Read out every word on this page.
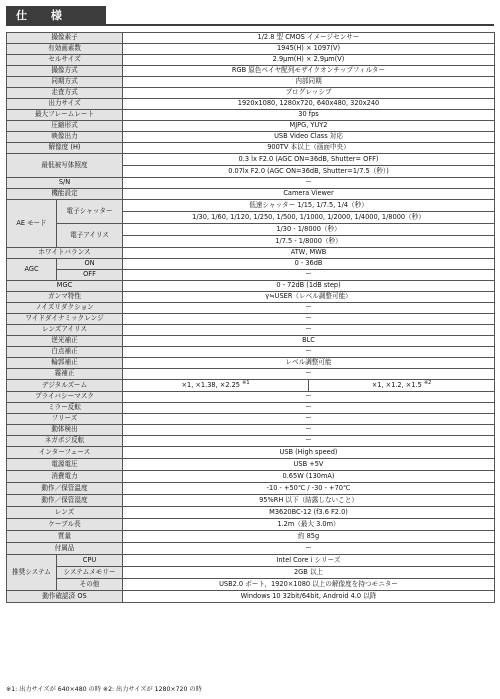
仕 様
撮像素子		1/2.8 型 CMOS イメージセンサー	
有効画素数		1945(H) × 1097(V)	
セルサイズ		2.9μm(H) × 2.9μm(V)	
撮像方式		RGB 原色ベイヤ配列モザイクオンチップフィルター	
同期方式		内部同期	
走査方式		プログレッシブ	
出力サイズ		1920x1080, 1280x720, 640x480, 320x240	
最大フレームレート		30 fps	
圧縮形式		MJPG, YUY2	
映像出力		USB Video Class 対応	
解像度 (H)		900TV 本以上（画面中央）	
最低被写体照度		0.3 lx F2.0 (AGC ON=36dB, Shutter= OFF)	
		0.07lx F2.0 (AGC ON=36dB, Shutter=1/7.5（秒）)	
S/N		ー	
機能設定		Camera Viewer	
AE モード	電子シャッター	低速シャッター 1/15, 1/7.5, 1/4（秒）	
		1/30, 1/60, 1/120, 1/250, 1/500, 1/1000, 1/2000, 1/4000, 1/8000（秒）	
	電子アイリス	1/30 - 1/8000（秒）	
		1/7.5 - 1/8000（秒）	
ホワイトバランス		ATW, MWB	
AGC	ON	0 - 36dB	
	OFF	ー	
MGC		0 - 72dB (1dB step)	
ガンマ特性		γ≒USER（レベル調整可能）	
ノイズリダクション		ー	
ワイドダイナミックレンジ		ー	
レンズアイリス		ー	
逆光補正		BLC	
白点補正		ー	
輪郭補正		レベル調整可能	
霧補正		ー	
デジタルズーム		×1, ×1.38, ×2.25 $^{※1}$	×1, ×1.2, ×1.5 $^{※2}$
プライバシーマスク		ー	
ミラー反転		ー	
フリーズ		ー	
動体検出		ー	
ネガポジ反転		ー	
インターフェース		USB (High speed)	
電源電圧		USB +5V	
消費電力		0.65W (130mA)	
動作／保管温度		-10 - +50℃ / -30 - +70℃	
動作／保管湿度		95%RH 以下（結露しないこと）	
レンズ		M3620BC-12 (f3.6 F2.0)	
ケーブル長		1.2m（最大 3.0m）	
質量		約 85g	
付属品		ー	
推奨システム	CPU	Intel Core i シリーズ	
	システムメモリー	2GB 以上	
	その他	USB2.0 ポート，1920×1080 以上の解像度を持つモニター	
動作確認済 OS		Windows 10 32bit/64bit, Android 4.0 以降	
※1: 出力サイズが 640×480 の時 ※2: 出力サイズが 1280×720 の時
